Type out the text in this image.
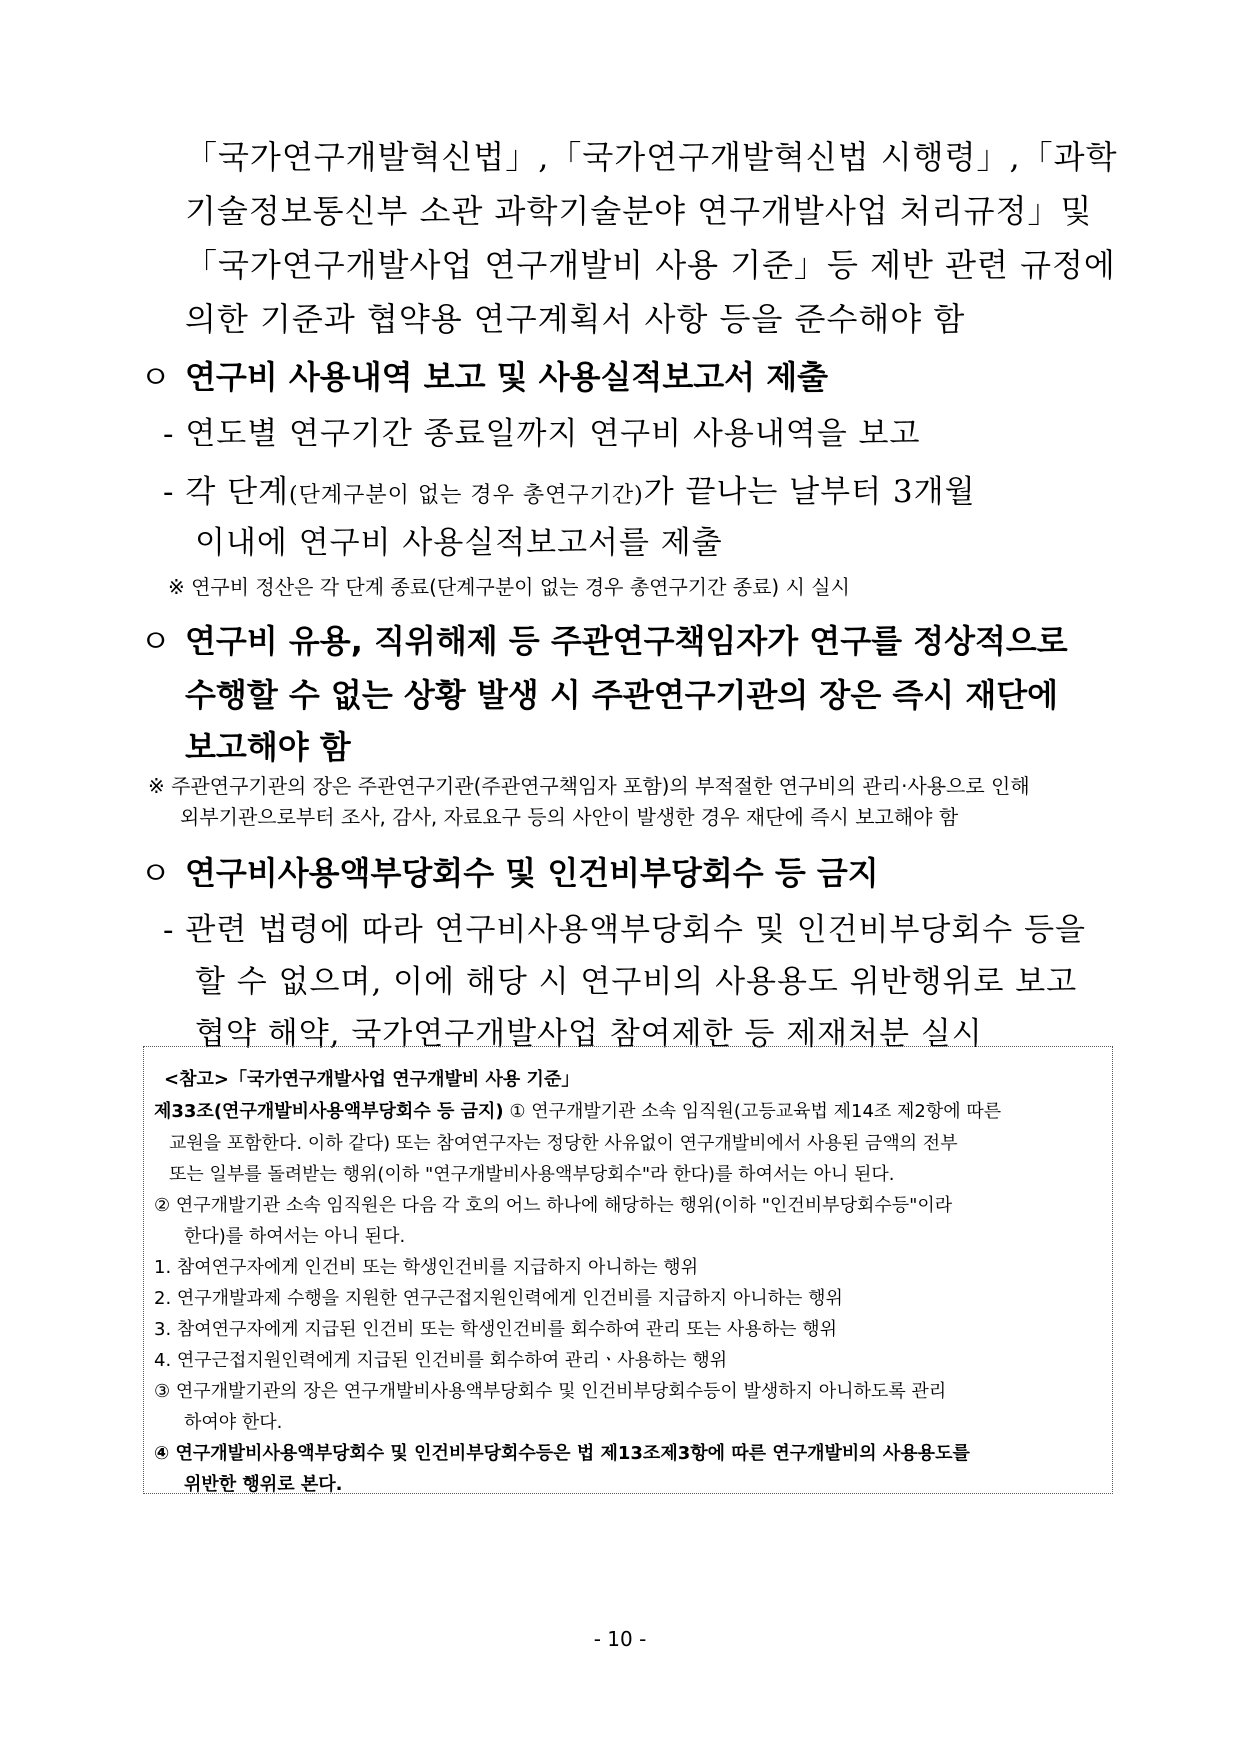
「국가연구개발혁신법」,「국가연구개발혁신법 시행령」,「과학
기술정보통신부 소관 과학기술분야 연구개발사업 처리규정」및
「국가연구개발사업 연구개발비 사용 기준」등 제반 관련 규정에
의한 기준과 협약용 연구계획서 사항 등을 준수해야 함
ㅇ 연구비 사용내역 보고 및 사용실적보고서 제출
- 연도별 연구기간 종료일까지 연구비 사용내역을 보고
- 각 단계(단계구분이 없는 경우 총연구기간)가 끝나는 날부터 3개월
이내에 연구비 사용실적보고서를 제출
※ 연구비 정산은 각 단계 종료(단계구분이 없는 경우 총연구기간 종료) 시 실시
ㅇ 연구비 유용, 직위해제 등 주관연구책임자가 연구를 정상적으로
수행할 수 없는 상황 발생 시 주관연구기관의 장은 즉시 재단에
보고해야 함
※ 주관연구기관의 장은 주관연구기관(주관연구책임자 포함)의 부적절한 연구비의 관리·사용으로 인해
외부기관으로부터 조사, 감사, 자료요구 등의 사안이 발생한 경우 재단에 즉시 보고해야 함
ㅇ 연구비사용액부당회수 및 인건비부당회수 등 금지
- 관련 법령에 따라 연구비사용액부당회수 및 인건비부당회수 등을
할 수 없으며, 이에 해당 시 연구비의 사용용도 위반행위로 보고
협약 해약, 국가연구개발사업 참여제한 등 제재처분 실시
<참고>「국가연구개발사업 연구개발비 사용 기준」
제33조(연구개발비사용액부당회수 등 금지) ① 연구개발기관 소속 임직원(고등교육법 제14조 제2항에 따른
교원을 포함한다. 이하 같다) 또는 참여연구자는 정당한 사유없이 연구개발비에서 사용된 금액의 전부
또는 일부를 돌려받는 행위(이하 "연구개발비사용액부당회수"라 한다)를 하여서는 아니 된다.
② 연구개발기관 소속 임직원은 다음 각 호의 어느 하나에 해당하는 행위(이하 "인건비부당회수등"이라
한다)를 하여서는 아니 된다.
1. 참여연구자에게 인건비 또는 학생인건비를 지급하지 아니하는 행위
2. 연구개발과제 수행을 지원한 연구근접지원인력에게 인건비를 지급하지 아니하는 행위
3. 참여연구자에게 지급된 인건비 또는 학생인건비를 회수하여 관리 또는 사용하는 행위
4. 연구근접지원인력에게 지급된 인건비를 회수하여 관리ㆍ사용하는 행위
③ 연구개발기관의 장은 연구개발비사용액부당회수 및 인건비부당회수등이 발생하지 아니하도록 관리
하여야 한다.
④ 연구개발비사용액부당회수 및 인건비부당회수등은 법 제13조제3항에 따른 연구개발비의 사용용도를
위반한 행위로 본다.
- 10 -
